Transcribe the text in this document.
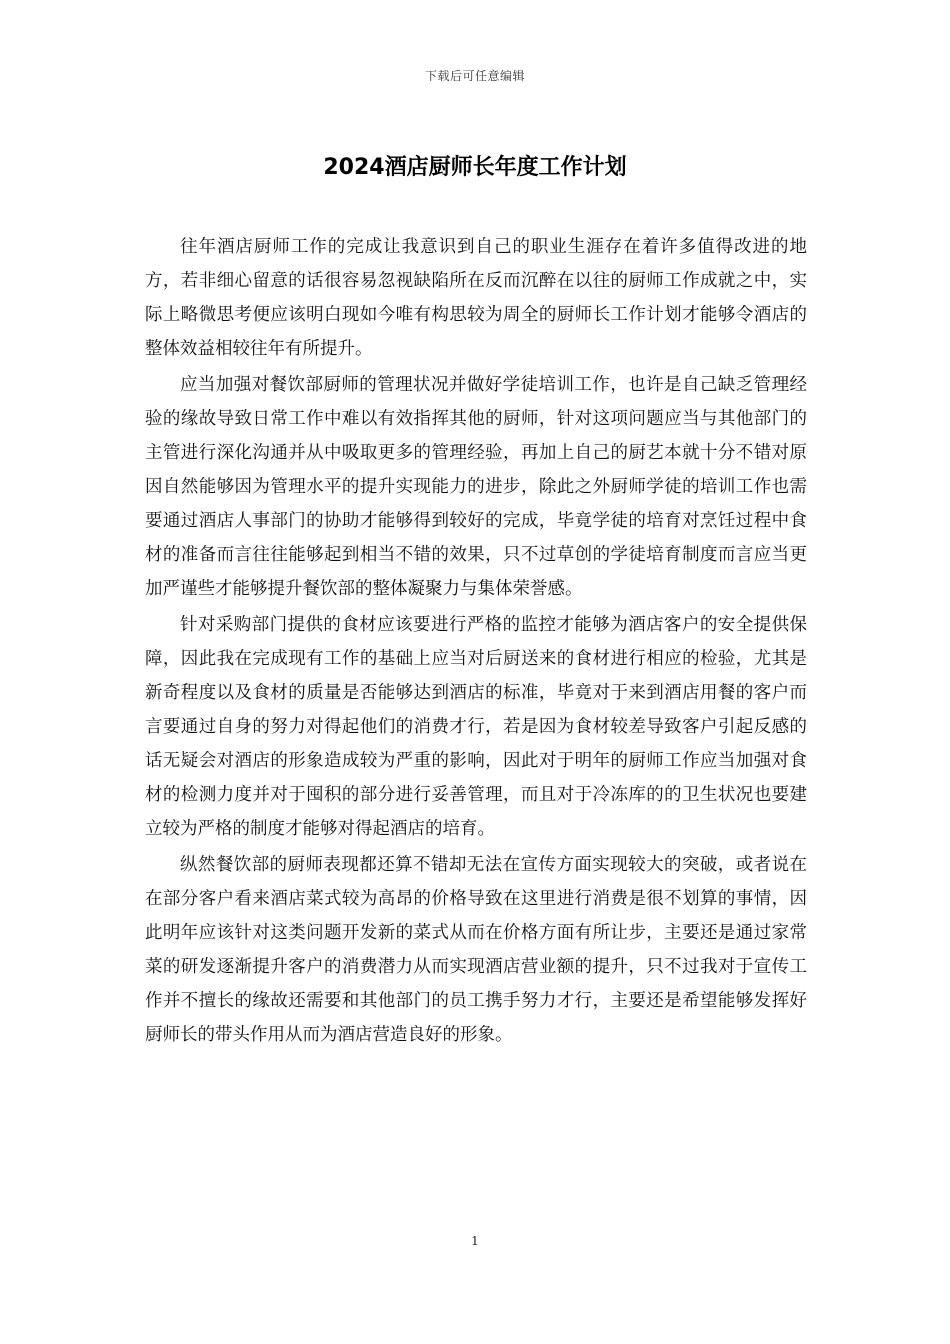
下载后可任意编辑
2024酒店厨师长年度工作计划

往年酒店厨师工作的完成让我意识到自己的职业生涯存在着许多值得改进的地方，若非细心留意的话很容易忽视缺陷所在反而沉醉在以往的厨师工作成就之中，实际上略微思考便应该明白现如今唯有构思较为周全的厨师长工作计划才能够令酒店的整体效益相较往年有所提升。

应当加强对餐饮部厨师的管理状况并做好学徒培训工作，也许是自己缺乏管理经验的缘故导致日常工作中难以有效指挥其他的厨师，针对这项问题应当与其他部门的主管进行深化沟通并从中吸取更多的管理经验，再加上自己的厨艺本就十分不错对原因自然能够因为管理水平的提升实现能力的进步，除此之外厨师学徒的培训工作也需要通过酒店人事部门的协助才能够得到较好的完成，毕竟学徒的培育对烹饪过程中食材的准备而言往往能够起到相当不错的效果，只不过草创的学徒培育制度而言应当更加严谨些才能够提升餐饮部的整体凝聚力与集体荣誉感。

针对采购部门提供的食材应该要进行严格的监控才能够为酒店客户的安全提供保障，因此我在完成现有工作的基础上应当对后厨送来的食材进行相应的检验，尤其是新奇程度以及食材的质量是否能够达到酒店的标准，毕竟对于来到酒店用餐的客户而言要通过自身的努力对得起他们的消费才行，若是因为食材较差导致客户引起反感的话无疑会对酒店的形象造成较为严重的影响，因此对于明年的厨师工作应当加强对食材的检测力度并对于囤积的部分进行妥善管理，而且对于冷冻库的的卫生状况也要建立较为严格的制度才能够对得起酒店的培育。

纵然餐饮部的厨师表现都还算不错却无法在宣传方面实现较大的突破，或者说在在部分客户看来酒店菜式较为高昂的价格导致在这里进行消费是很不划算的事情，因此明年应该针对这类问题开发新的菜式从而在价格方面有所让步，主要还是通过家常菜的研发逐渐提升客户的消费潜力从而实现酒店营业额的提升，只不过我对于宣传工作并不擅长的缘故还需要和其他部门的员工携手努力才行，主要还是希望能够发挥好厨师长的带头作用从而为酒店营造良好的形象。

1
